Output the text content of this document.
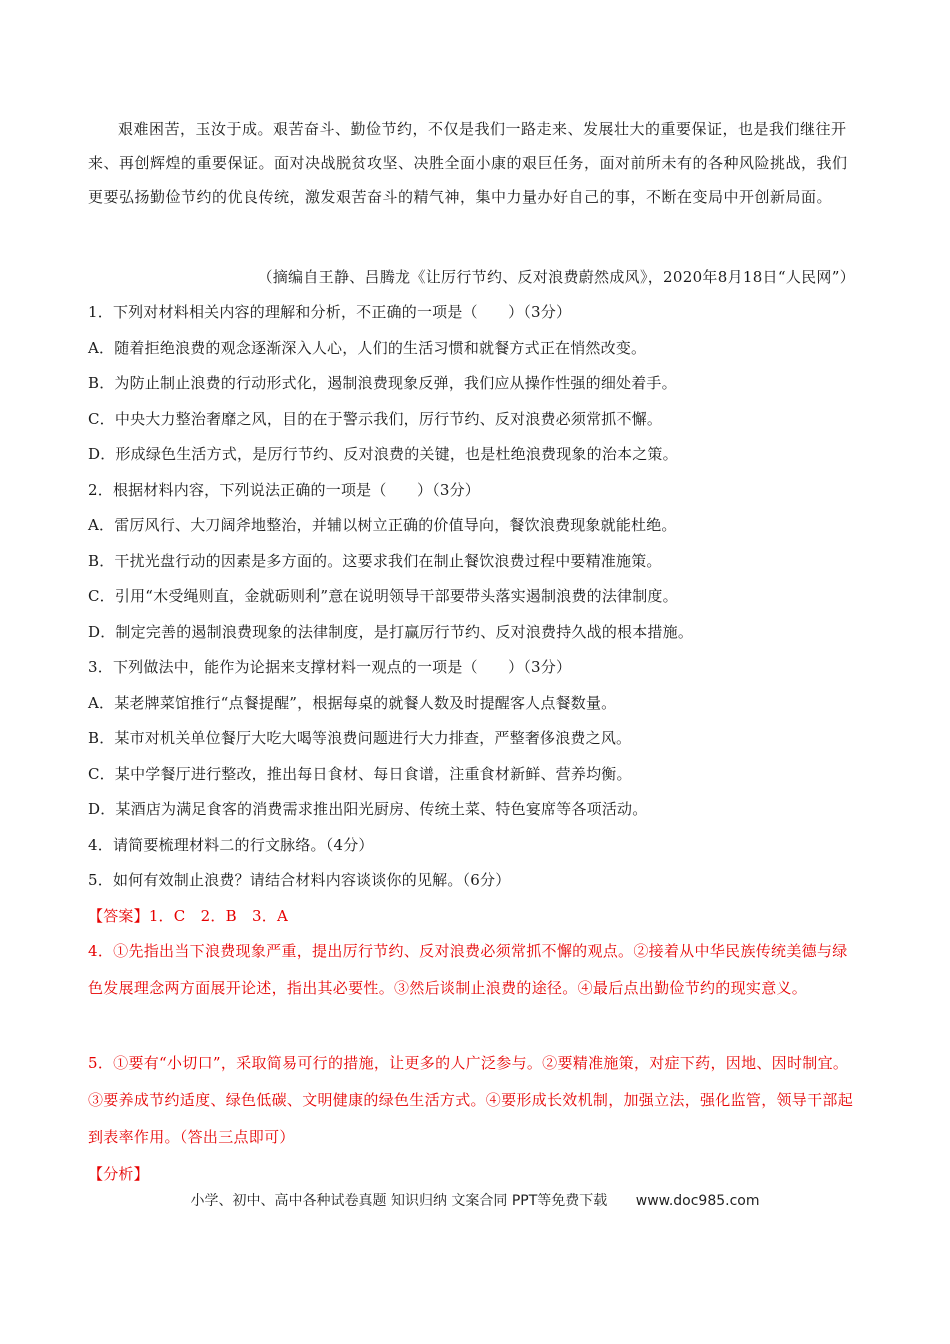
艰难困苦，玉汝于成。艰苦奋斗、勤俭节约，不仅是我们一路走来、发展壮大的重要保证，也是我们继往开来、再创辉煌的重要保证。面对决战脱贫攻坚、决胜全面小康的艰巨任务，面对前所未有的各种风险挑战，我们更要弘扬勤俭节约的优良传统，激发艰苦奋斗的精气神，集中力量办好自己的事，不断在变局中开创新局面。
（摘编自王静、吕腾龙《让厉行节约、反对浪费蔚然成风》，2020年8月18日“人民网”）
1．下列对材料相关内容的理解和分析，不正确的一项是（　　）（3分）
A．随着拒绝浪费的观念逐渐深入人心，人们的生活习惯和就餐方式正在悄然改变。
B．为防止制止浪费的行动形式化，遏制浪费现象反弹，我们应从操作性强的细处着手。
C．中央大力整治奢靡之风，目的在于警示我们，厉行节约、反对浪费必须常抓不懈。
D．形成绿色生活方式，是厉行节约、反对浪费的关键，也是杜绝浪费现象的治本之策。
2．根据材料内容，下列说法正确的一项是（　　）（3分）
A．雷厉风行、大刀阔斧地整治，并辅以树立正确的价值导向，餐饮浪费现象就能杜绝。
B．干扰光盘行动的因素是多方面的。这要求我们在制止餐饮浪费过程中要精准施策。
C．引用“木受绳则直，金就砺则利”意在说明领导干部要带头落实遏制浪费的法律制度。
D．制定完善的遏制浪费现象的法律制度，是打赢厉行节约、反对浪费持久战的根本措施。
3．下列做法中，能作为论据来支撑材料一观点的一项是（　　）（3分）
A．某老牌菜馆推行“点餐提醒”，根据每桌的就餐人数及时提醒客人点餐数量。
B．某市对机关单位餐厅大吃大喝等浪费问题进行大力排查，严整奢侈浪费之风。
C．某中学餐厅进行整改，推出每日食材、每日食谱，注重食材新鲜、营养均衡。
D．某酒店为满足食客的消费需求推出阳光厨房、传统土菜、特色宴席等各项活动。
4．请简要梳理材料二的行文脉络。（4分）
5．如何有效制止浪费？请结合材料内容谈谈你的见解。（6分）
【答案】1．C　2．B　3．A
4．①先指出当下浪费现象严重，提出厉行节约、反对浪费必须常抓不懈的观点。②接着从中华民族传统美德与绿色发展理念两方面展开论述，指出其必要性。③然后谈制止浪费的途径。④最后点出勤俭节约的现实意义。
5．①要有“小切口”，采取简易可行的措施，让更多的人广泛参与。②要精准施策，对症下药，因地、因时制宜。③要养成节约适度、绿色低碳、文明健康的绿色生活方式。④要形成长效机制，加强立法，强化监管，领导干部起到表率作用。（答出三点即可）
【分析】
小学、初中、高中各种试卷真题 知识归纳 文案合同 PPT等免费下载 www.doc985.com
